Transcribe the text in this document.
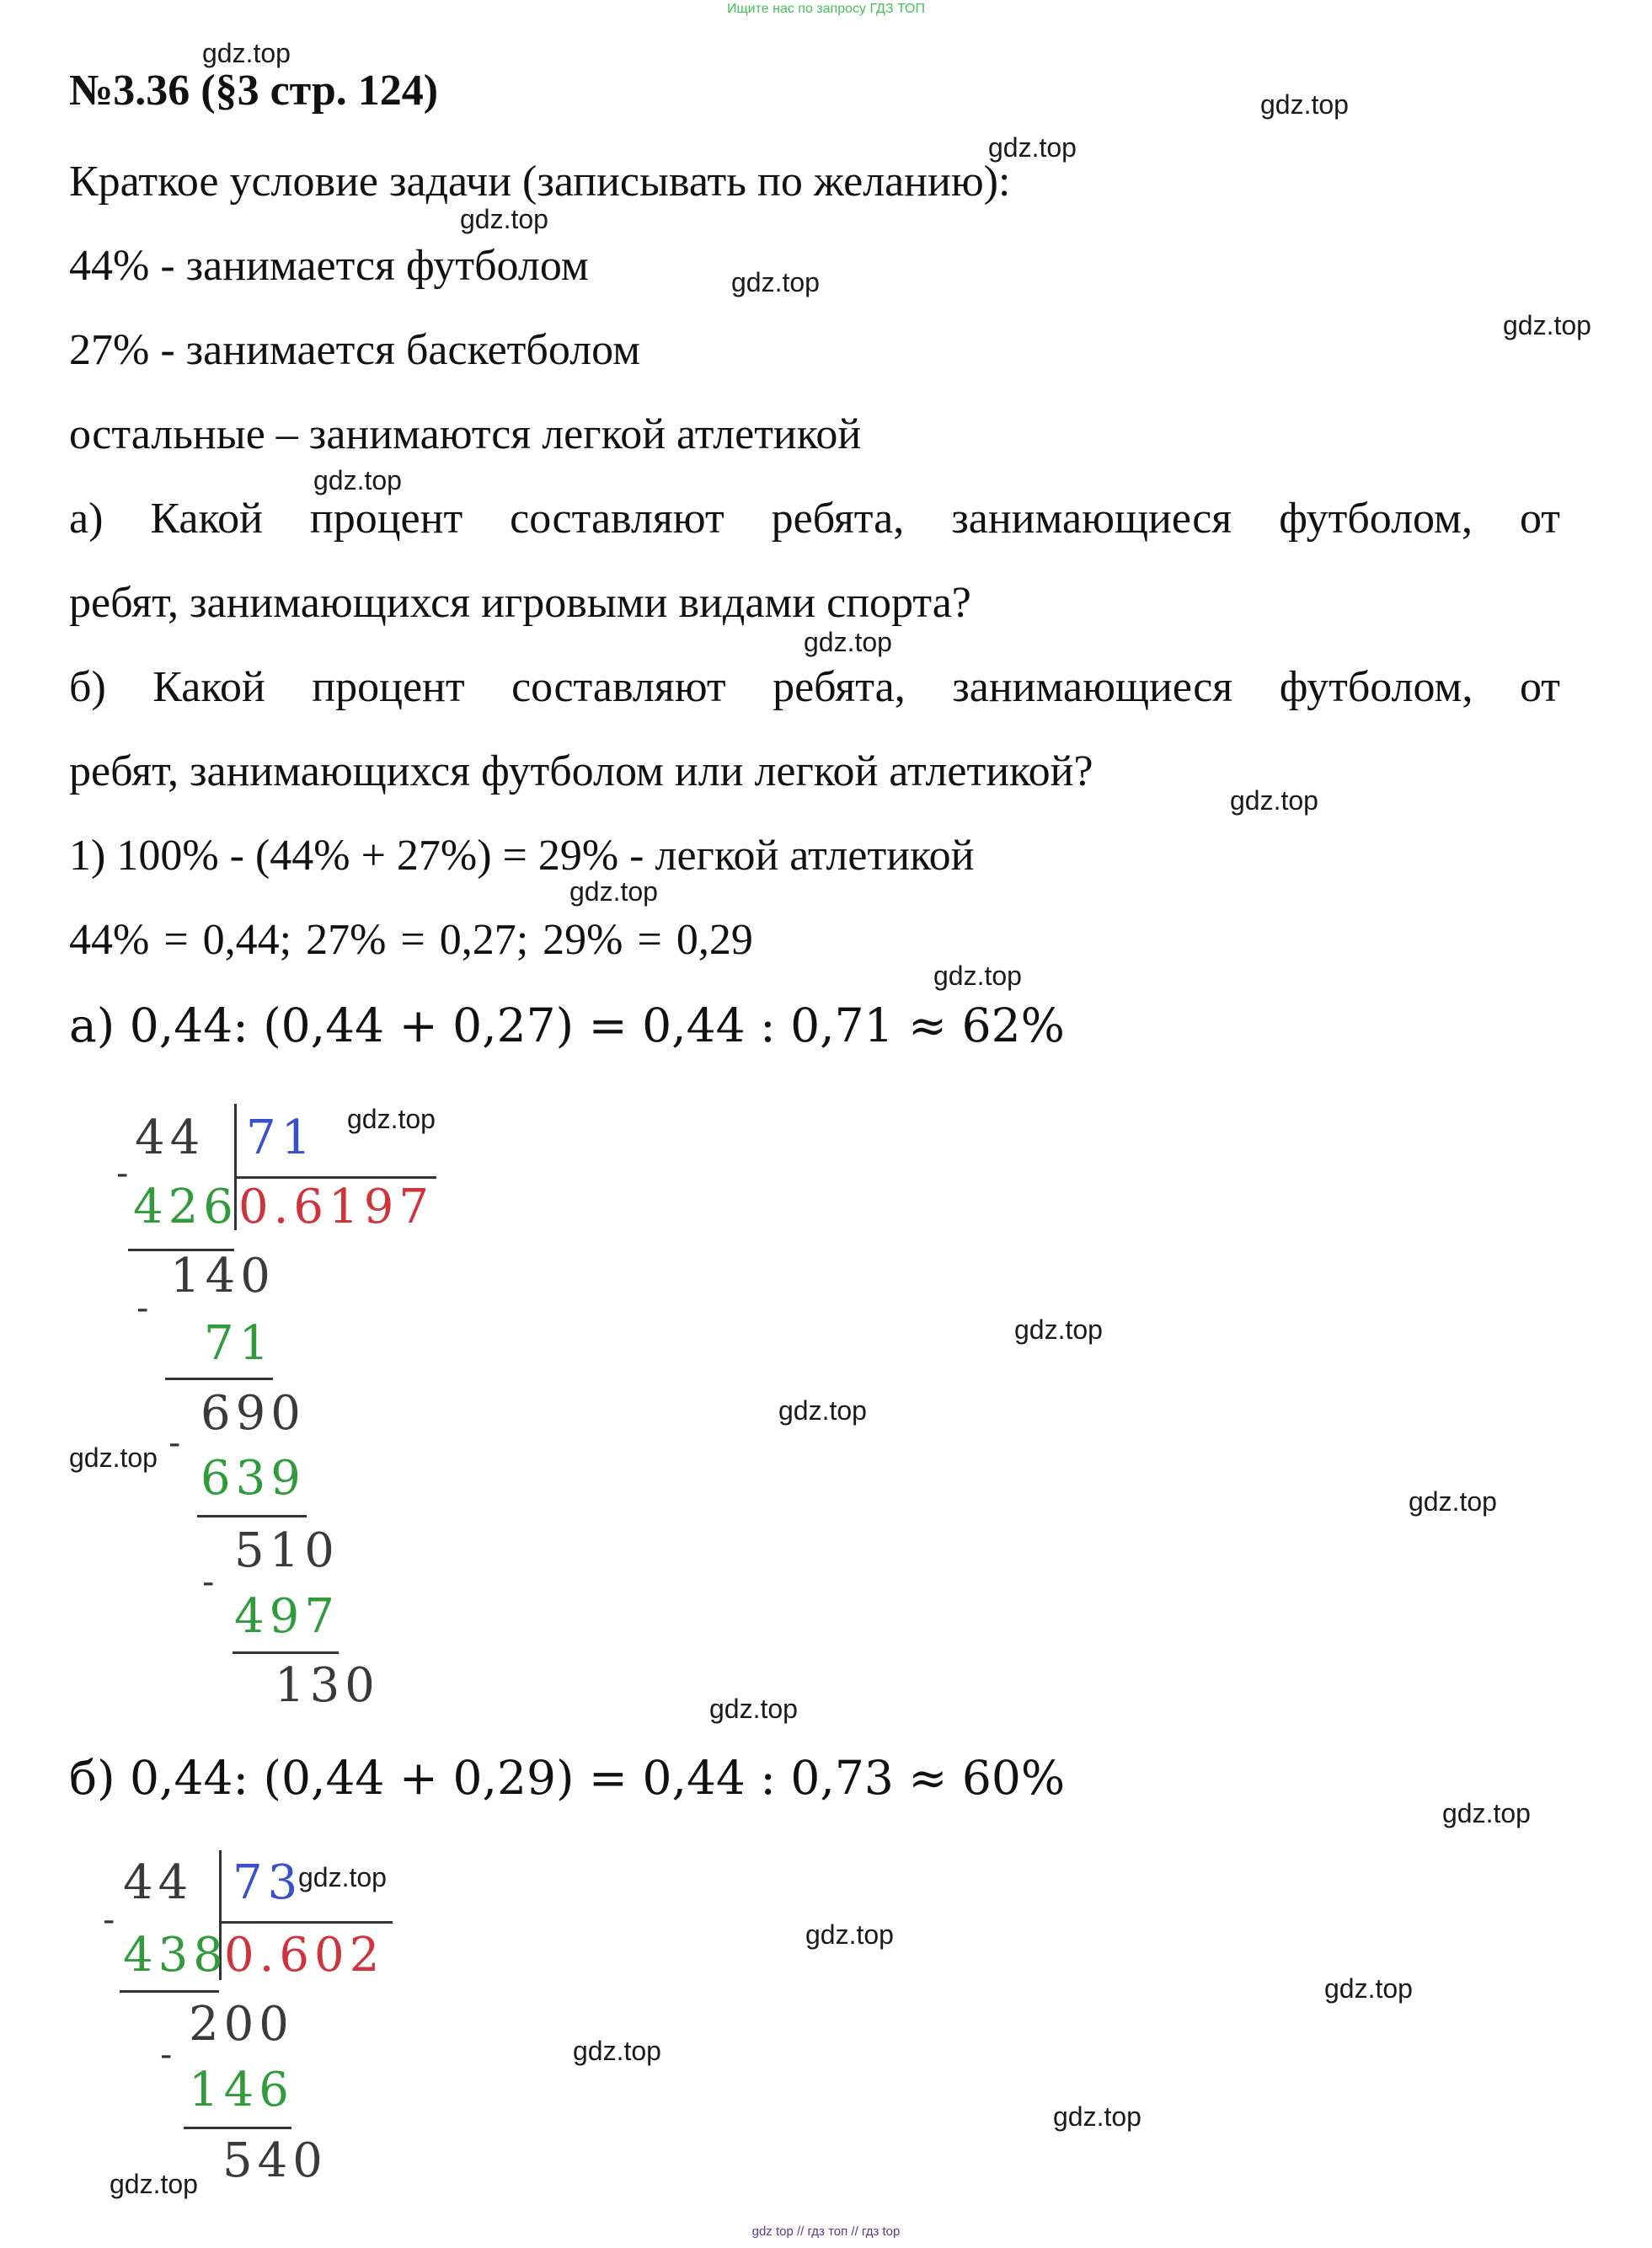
Ищите нас по запросу ГДЗ ТОП
№3.36 (§3 стр. 124)
Краткое условие задачи (записывать по желанию):
44% - занимается футболом
27% - занимается баскетболом
остальные – занимаются легкой атлетикой
а) Какой процент составляют ребята, занимающиеся футболом, от
ребят, занимающихся игровыми видами спорта?
б) Какой процент составляют ребята, занимающиеся футболом, от
ребят, занимающихся футболом или легкой атлетикой?
1) 100% - (44% + 27%) = 29% - легкой атлетикой
44% = 0,44; 27% = 0,27; 29% = 0,29
а) 0,44: (0,44 + 0,27) = 0,44 : 0,71 ≈ 62%
44 71
-
426 0.6197
140
-
71
690
-
639
510
-
497
130
б) 0,44: (0,44 + 0,29) = 0,44 : 0,73 ≈ 60%
44 73
-
438
0.602
200
-
146
540
gdz.top
gdz.top
gdz.top
gdz.top
gdz.top
gdz.top
gdz.top
gdz.top
gdz.top
gdz.top
gdz.top
gdz.top
gdz.top
gdz.top
gdz.top
gdz.top
gdz.top
gdz.top
gdz.top
gdz.top
gdz.top
gdz.top
gdz.top
gdz.top
gdz top // гдз топ // гдз top
